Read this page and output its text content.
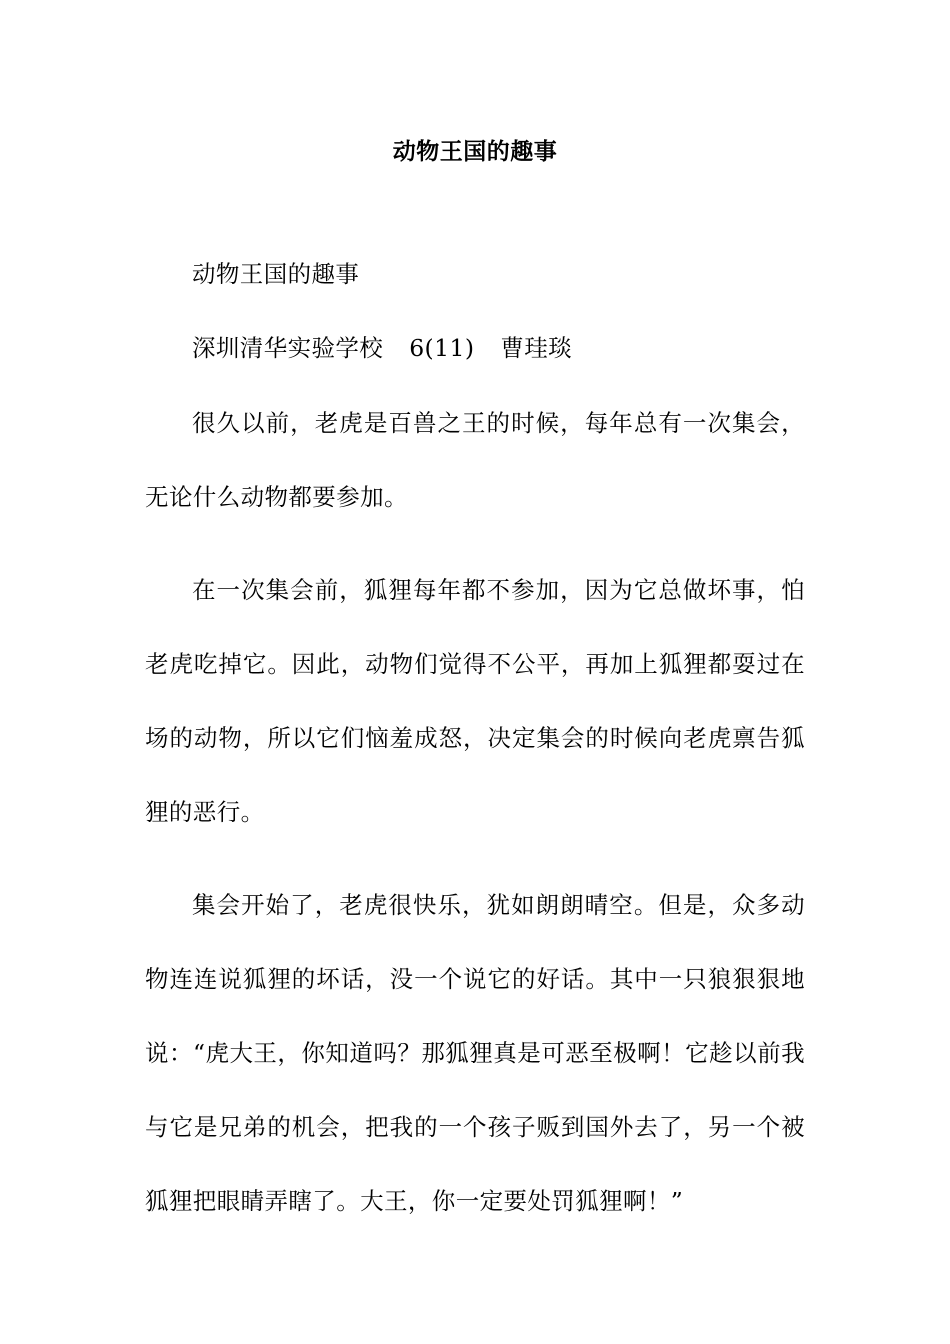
动物王国的趣事

动物王国的趣事

深圳清华实验学校 6(11) 曹珪琰

很久以前，老虎是百兽之王的时候，每年总有一次集会，无论什么动物都要参加。

在一次集会前，狐狸每年都不参加，因为它总做坏事，怕老虎吃掉它。因此，动物们觉得不公平，再加上狐狸都耍过在场的动物，所以它们恼羞成怒，决定集会的时候向老虎禀告狐狸的恶行。

集会开始了，老虎很快乐，犹如朗朗晴空。但是，众多动物连连说狐狸的坏话，没一个说它的好话。其中一只狼狠狠地说：“虎大王，你知道吗？那狐狸真是可恶至极啊！它趁以前我与它是兄弟的机会，把我的一个孩子贩到国外去了，另一个被狐狸把眼睛弄瞎了。大王，你一定要处罚狐狸啊！”
